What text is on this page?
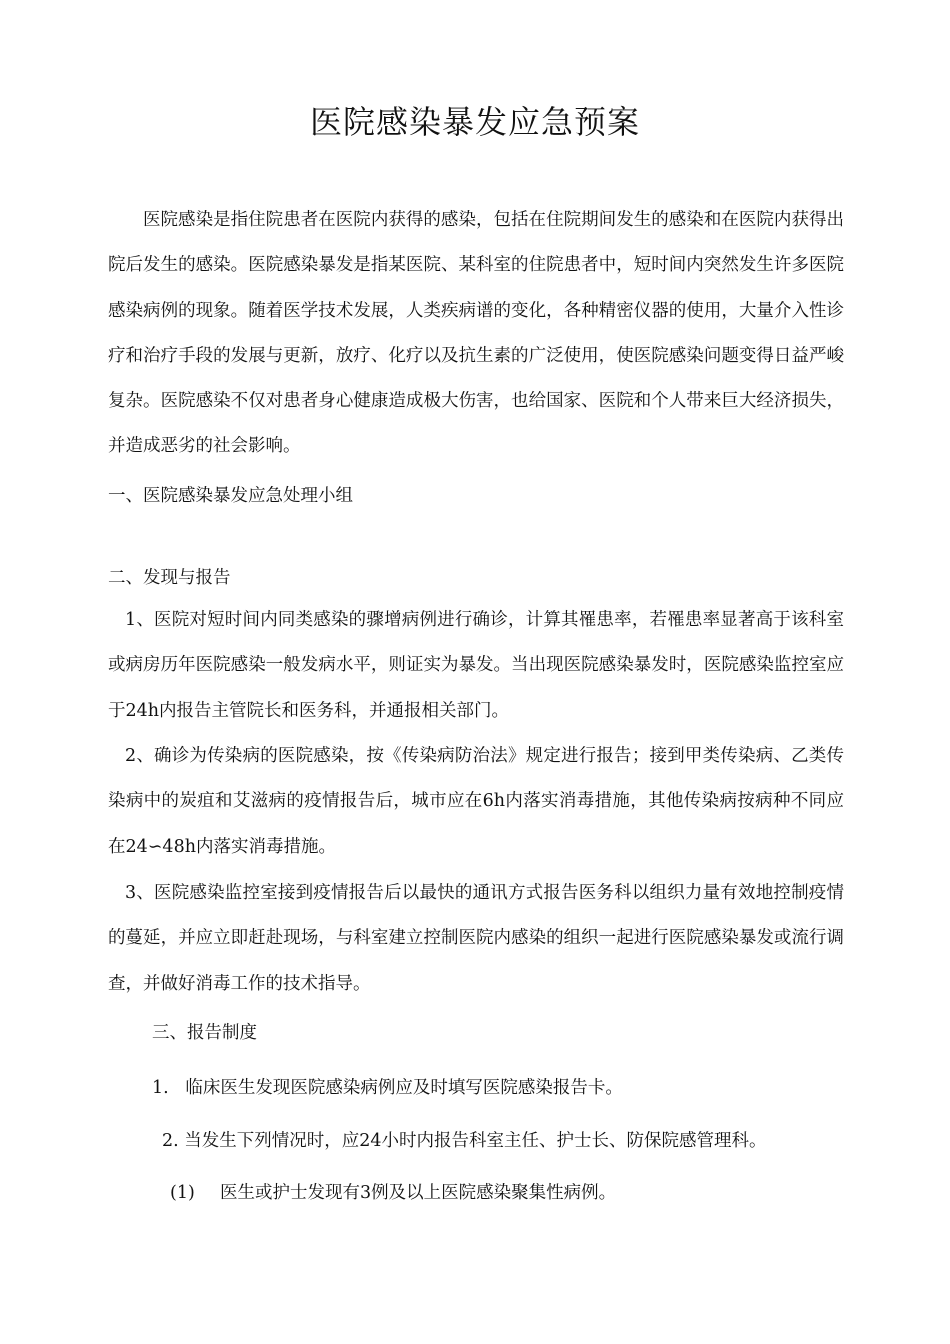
医院感染暴发应急预案
医院感染是指住院患者在医院内获得的感染，包括在住院期间发生的感染和在医院内获得出院后发生的感染。医院感染暴发是指某医院、某科室的住院患者中，短时间内突然发生许多医院感染病例的现象。随着医学技术发展，人类疾病谱的变化，各种精密仪器的使用，大量介入性诊疗和治疗手段的发展与更新，放疗、化疗以及抗生素的广泛使用，使医院感染问题变得日益严峻复杂。医院感染不仅对患者身心健康造成极大伤害，也给国家、医院和个人带来巨大经济损失，并造成恶劣的社会影响。
一、医院感染暴发应急处理小组
二、发现与报告
1、医院对短时间内同类感染的骤增病例进行确诊，计算其罹患率，若罹患率显著高于该科室或病房历年医院感染一般发病水平，则证实为暴发。当出现医院感染暴发时，医院感染监控室应于24h内报告主管院长和医务科，并通报相关部门。
2、确诊为传染病的医院感染，按《传染病防治法》规定进行报告；接到甲类传染病、乙类传染病中的炭疽和艾滋病的疫情报告后，城市应在6h内落实消毒措施，其他传染病按病种不同应在24∽48h内落实消毒措施。
3、医院感染监控室接到疫情报告后以最快的通讯方式报告医务科以组织力量有效地控制疫情的蔓延，并应立即赶赴现场，与科室建立控制医院内感染的组织一起进行医院感染暴发或流行调查，并做好消毒工作的技术指导。
三、报告制度
1.   临床医生发现医院感染病例应及时填写医院感染报告卡。
2. 当发生下列情况时，应24小时内报告科室主任、护士长、防保院感管理科。
(1) 医生或护士发现有3例及以上医院感染聚集性病例。
